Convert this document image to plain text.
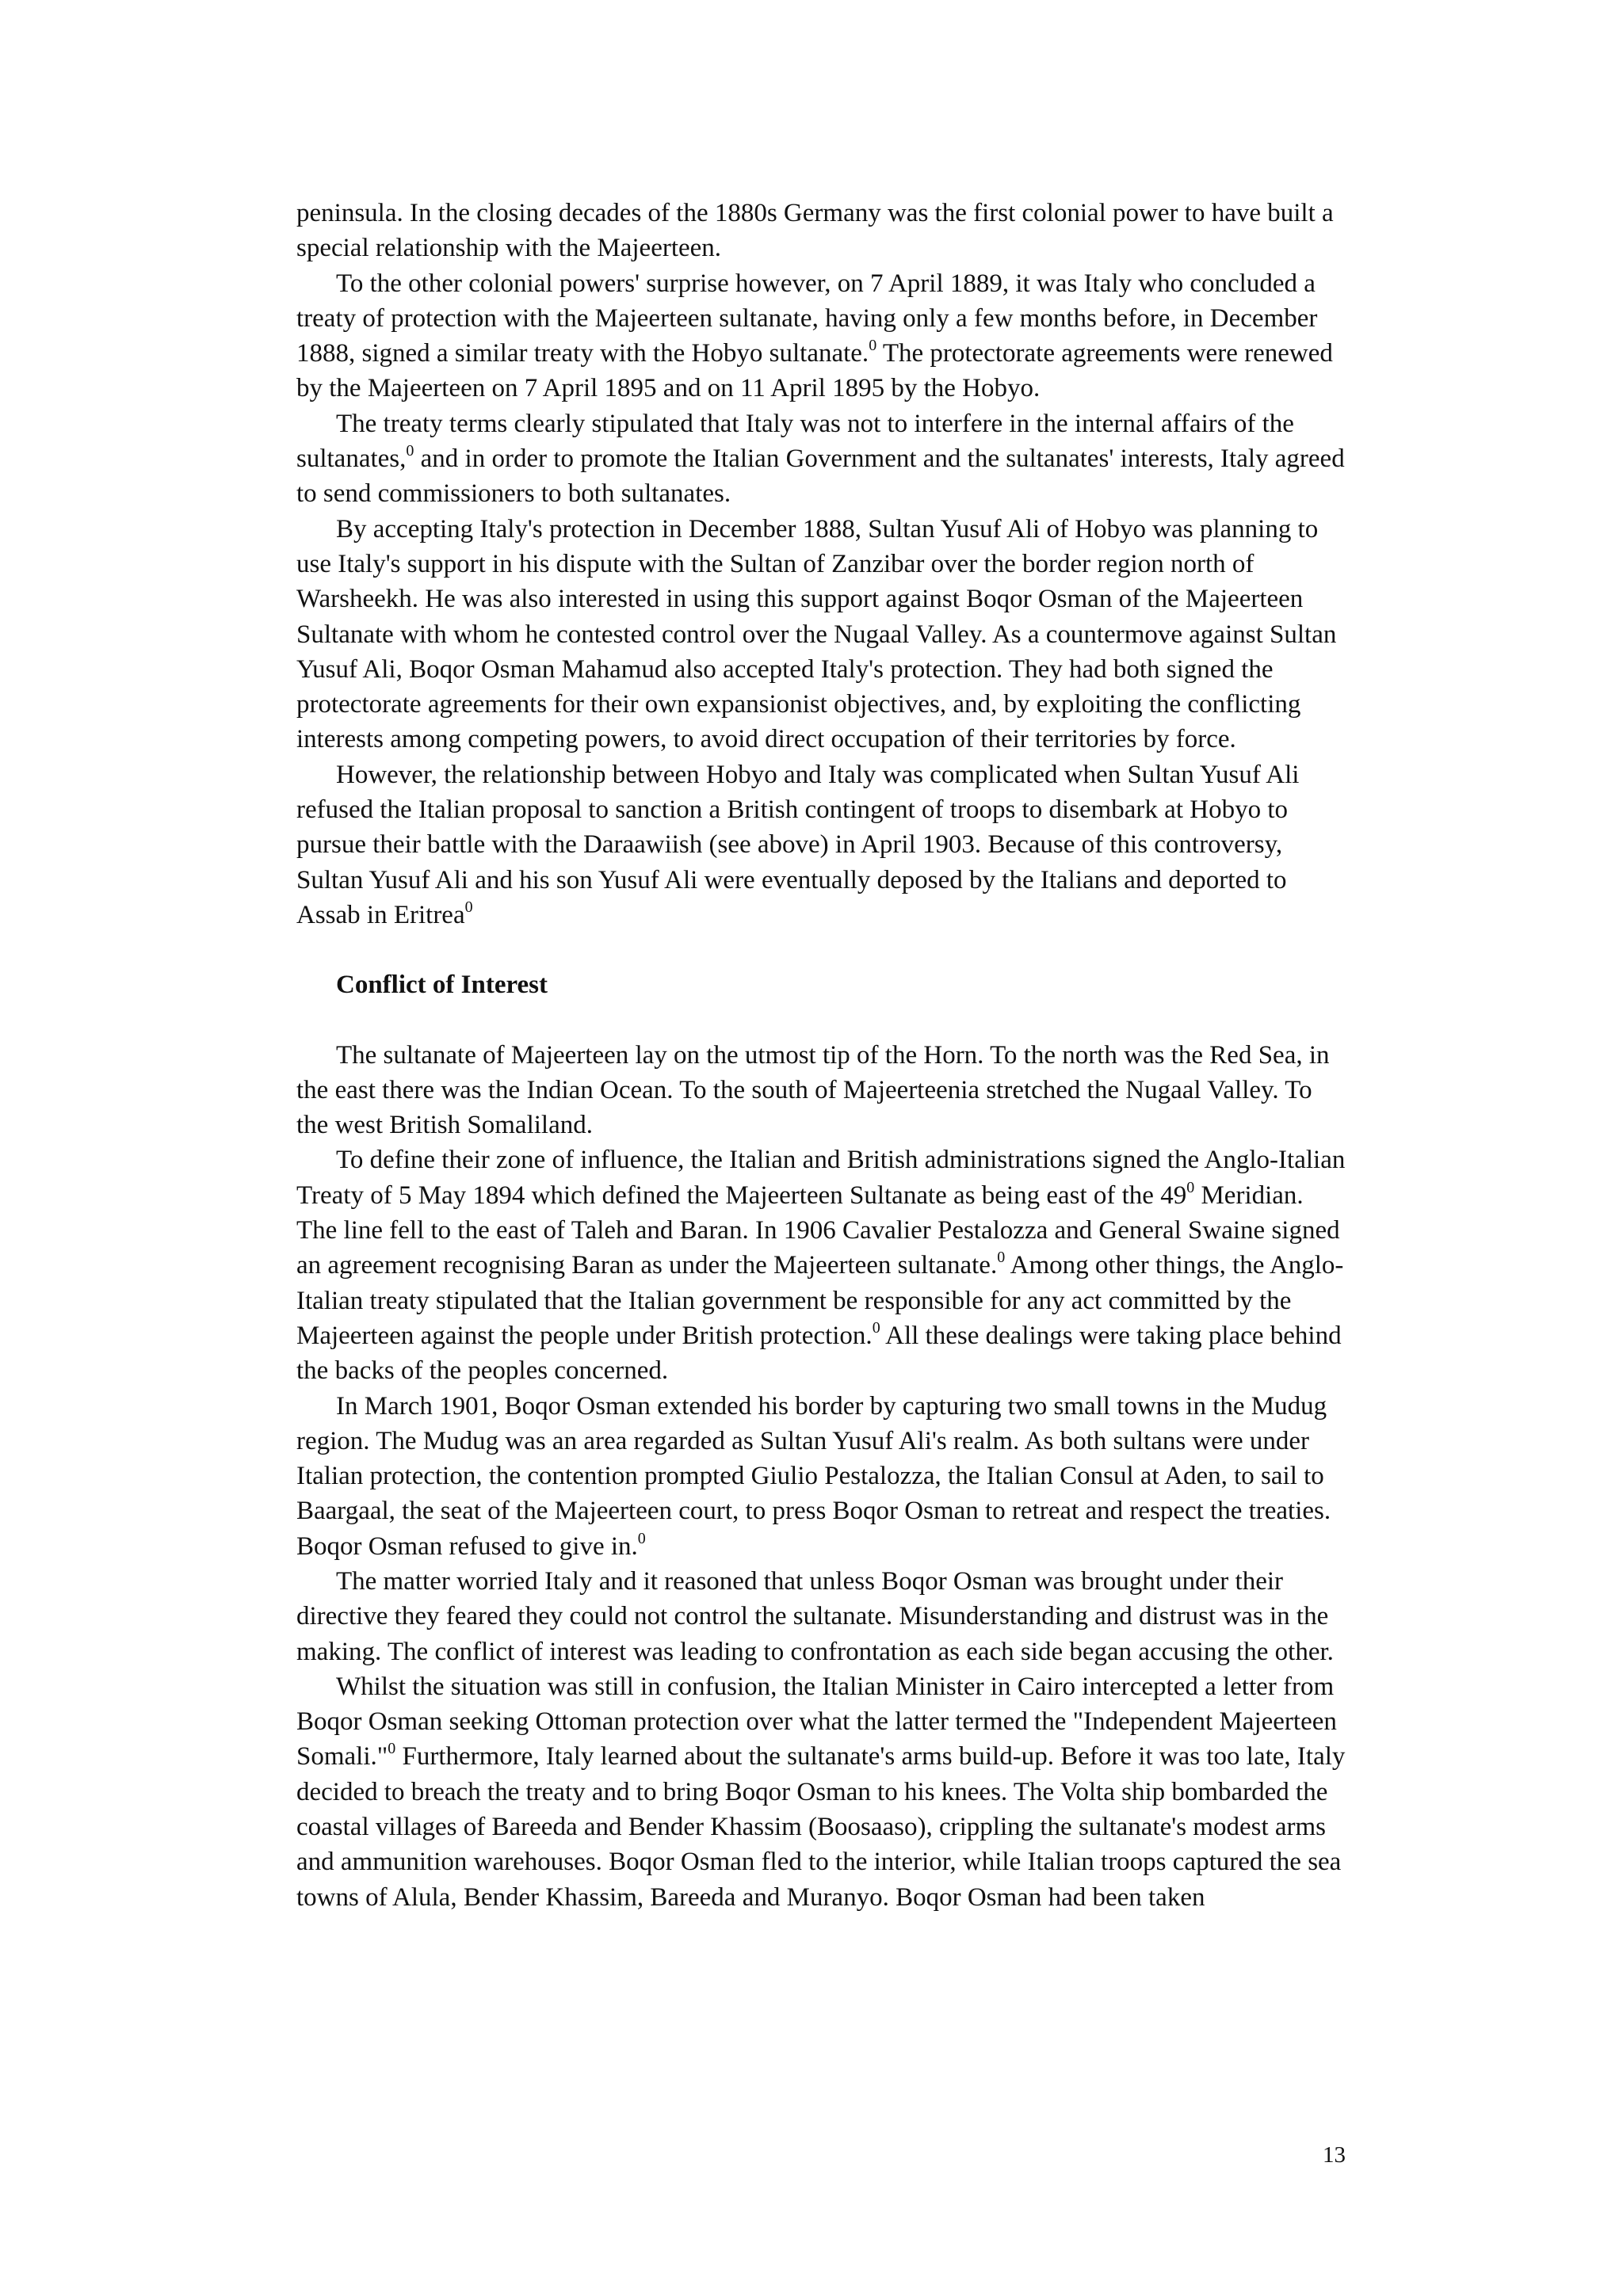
peninsula. In the closing decades of the 1880s Germany was the first colonial power to have built a special relationship with the Majeerteen.

To the other colonial powers' surprise however, on 7 April 1889, it was Italy who concluded a treaty of protection with the Majeerteen sultanate, having only a few months before, in December 1888, signed a similar treaty with the Hobyo sultanate.$^0$ The protectorate agreements were renewed by the Majeerteen on 7 April 1895 and on 11 April 1895 by the Hobyo.

The treaty terms clearly stipulated that Italy was not to interfere in the internal affairs of the sultanates,$^0$ and in order to promote the Italian Government and the sultanates' interests, Italy agreed to send commissioners to both sultanates.

By accepting Italy's protection in December 1888, Sultan Yusuf Ali of Hobyo was planning to use Italy's support in his dispute with the Sultan of Zanzibar over the border region north of Warsheekh. He was also interested in using this support against Boqor Osman of the Majeerteen Sultanate with whom he contested control over the Nugaal Valley. As a countermove against Sultan Yusuf Ali, Boqor Osman Mahamud also accepted Italy's protection. They had both signed the protectorate agreements for their own expansionist objectives, and, by exploiting the conflicting interests among competing powers, to avoid direct occupation of their territories by force.

However, the relationship between Hobyo and Italy was complicated when Sultan Yusuf Ali refused the Italian proposal to sanction a British contingent of troops to disembark at Hobyo to pursue their battle with the Daraawiish (see above) in April 1903. Because of this controversy, Sultan Yusuf Ali and his son Yusuf Ali were eventually deposed by the Italians and deported to Assab in Eritrea$^0$

Conflict of Interest

The sultanate of Majeerteen lay on the utmost tip of the Horn. To the north was the Red Sea, in the east there was the Indian Ocean. To the south of Majeerteenia stretched the Nugaal Valley. To the west British Somaliland.

To define their zone of influence, the Italian and British administrations signed the Anglo-Italian Treaty of 5 May 1894 which defined the Majeerteen Sultanate as being east of the $49^0$ Meridian. The line fell to the east of Taleh and Baran. In 1906 Cavalier Pestalozza and General Swaine signed an agreement recognising Baran as under the Majeerteen sultanate.$^0$ Among other things, the Anglo-Italian treaty stipulated that the Italian government be responsible for any act committed by the Majeerteen against the people under British protection.$^0$ All these dealings were taking place behind the backs of the peoples concerned.

In March 1901, Boqor Osman extended his border by capturing two small towns in the Mudug region. The Mudug was an area regarded as Sultan Yusuf Ali's realm. As both sultans were under Italian protection, the contention prompted Giulio Pestalozza, the Italian Consul at Aden, to sail to Baargaal, the seat of the Majeerteen court, to press Boqor Osman to retreat and respect the treaties. Boqor Osman refused to give in.$^0$

The matter worried Italy and it reasoned that unless Boqor Osman was brought under their directive they feared they could not control the sultanate. Misunderstanding and distrust was in the making. The conflict of interest was leading to confrontation as each side began accusing the other.

Whilst the situation was still in confusion, the Italian Minister in Cairo intercepted a letter from Boqor Osman seeking Ottoman protection over what the latter termed the "Independent Majeerteen Somali."$^0$ Furthermore, Italy learned about the sultanate's arms build-up. Before it was too late, Italy decided to breach the treaty and to bring Boqor Osman to his knees. The Volta ship bombarded the coastal villages of Bareeda and Bender Khassim (Boosaaso), crippling the sultanate's modest arms and ammunition warehouses. Boqor Osman fled to the interior, while Italian troops captured the sea towns of Alula, Bender Khassim, Bareeda and Muranyo. Boqor Osman had been taken

13
